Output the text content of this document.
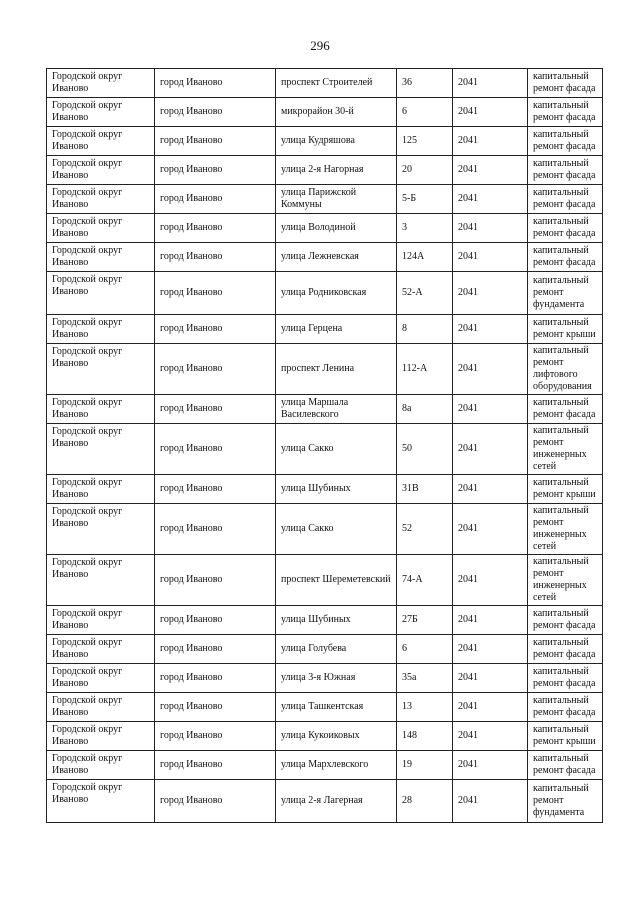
296
Городской округ Иваново	город Иваново	проспект Строителей	36	2041	капитальный ремонт фасада
Городской округ Иваново	город Иваново	микрорайон 30-й	6	2041	капитальный ремонт фасада
Городской округ Иваново	город Иваново	улица Кудряшова	125	2041	капитальный ремонт фасада
Городской округ Иваново	город Иваново	улица 2-я Нагорная	20	2041	капитальный ремонт фасада
Городской округ Иваново	город Иваново	улица Парижской Коммуны	5-Б	2041	капитальный ремонт фасада
Городской округ Иваново	город Иваново	улица Володиной	3	2041	капитальный ремонт фасада
Городской округ Иваново	город Иваново	улица Лежневская	124А	2041	капитальный ремонт фасада
Городской округ Иваново	город Иваново	улица Родниковская	52-А	2041	капитальный ремонт фундамента
Городской округ Иваново	город Иваново	улица Герцена	8	2041	капитальный ремонт крыши
Городской округ Иваново	город Иваново	проспект Ленина	112-А	2041	капитальный ремонт лифтового оборудования
Городской округ Иваново	город Иваново	улица Маршала Василевского	8а	2041	капитальный ремонт фасада
Городской округ Иваново	город Иваново	улица Сакко	50	2041	капитальный ремонт инженерных сетей
Городской округ Иваново	город Иваново	улица Шубиных	31В	2041	капитальный ремонт крыши
Городской округ Иваново	город Иваново	улица Сакко	52	2041	капитальный ремонт инженерных сетей
Городской округ Иваново	город Иваново	проспект Шереметевский	74-А	2041	капитальный ремонт инженерных сетей
Городской округ Иваново	город Иваново	улица Шубиных	27Б	2041	капитальный ремонт фасада
Городской округ Иваново	город Иваново	улица Голубева	6	2041	капитальный ремонт фасада
Городской округ Иваново	город Иваново	улица 3-я Южная	35а	2041	капитальный ремонт фасада
Городской округ Иваново	город Иваново	улица Ташкентская	13	2041	капитальный ремонт фасада
Городской округ Иваново	город Иваново	улица Кукоиковых	148	2041	капитальный ремонт крыши
Городской округ Иваново	город Иваново	улица Мархлевского	19	2041	капитальный ремонт фасада
Городской округ Иваново	город Иваново	улица 2-я Лагерная	28	2041	капитальный ремонт фундамента
